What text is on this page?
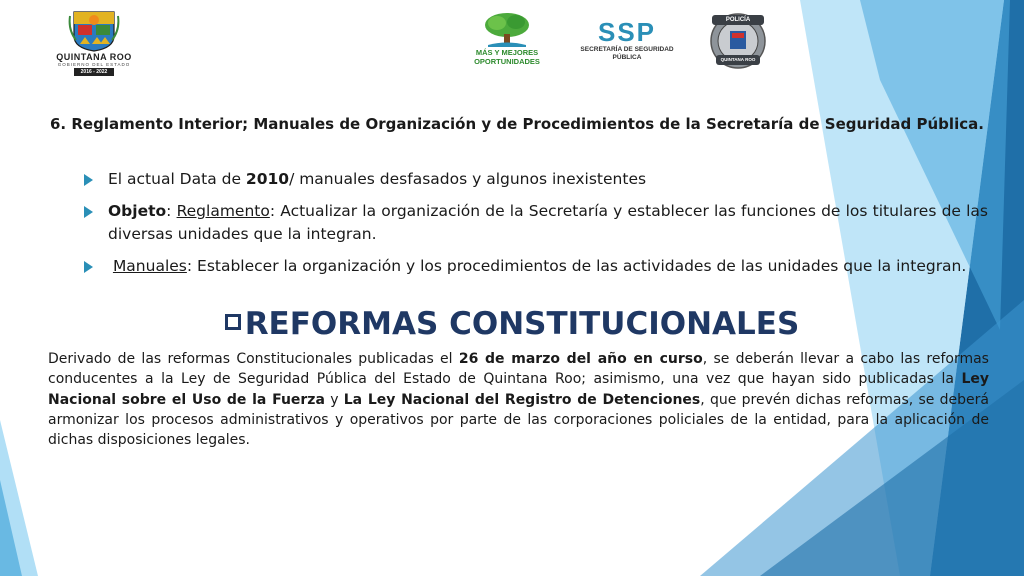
QUINTANA ROO
GOBIERNO DEL ESTADO
2016 - 2022
MÁS Y MEJORES
OPORTUNIDADES
SSP
SECRETARÍA DE SEGURIDAD
PÚBLICA
POLICÍA
QUINTANA ROO
6. Reglamento Interior; Manuales de Organización y de Procedimientos de la Secretaría de Seguridad Pública.
El actual Data de 2010/ manuales desfasados y algunos inexistentes
Objeto: Reglamento: Actualizar la organización de la Secretaría y establecer las funciones de los titulares de las diversas unidades que la integran.
Manuales: Establecer la organización y los procedimientos de las actividades de las unidades que la integran.
REFORMAS CONSTITUCIONALES
Derivado de las reformas Constitucionales publicadas el 26 de marzo del año en curso, se deberán llevar a cabo las reformas conducentes a la Ley de Seguridad Pública del Estado de Quintana Roo; asimismo, una vez que hayan sido publicadas la Ley Nacional sobre el Uso de la Fuerza y La Ley Nacional del Registro de Detenciones, que prevén dichas reformas, se deberá armonizar los procesos administrativos y operativos por parte de las corporaciones policiales de la entidad, para la aplicación de dichas disposiciones legales.
